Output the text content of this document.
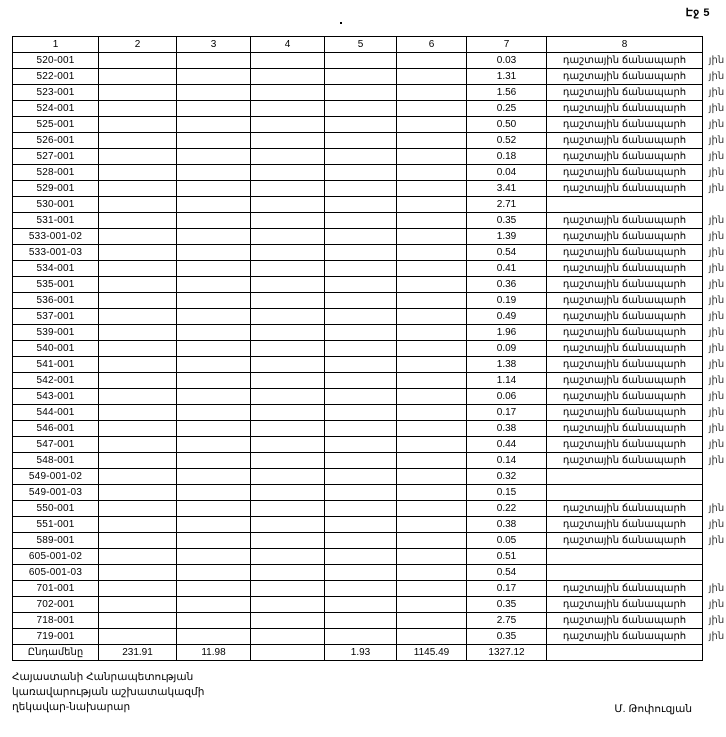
Էջ 5
1	2	3	4	5	6	7	8	
520-001						0.03	դաշտային ճանապարհ	յին
522-001						1.31	դաշտային ճանապարհ	յին
523-001						1.56	դաշտային ճանապարհ	յին
524-001						0.25	դաշտային ճանապարհ	յին
525-001						0.50	դաշտային ճանապարհ	յին
526-001						0.52	դաշտային ճանապարհ	յին
527-001						0.18	դաշտային ճանապարհ	յին
528-001						0.04	դաշտային ճանապարհ	յին
529-001						3.41	դաշտային ճանապարհ	յին
530-001						2.71		
531-001						0.35	դաշտային ճանապարհ	յին
533-001-02						1.39	դաշտային ճանապարհ	յին
533-001-03						0.54	դաշտային ճանապարհ	յին
534-001						0.41	դաշտային ճանապարհ	յին
535-001						0.36	դաշտային ճանապարհ	յին
536-001						0.19	դաշտային ճանապարհ	յին
537-001						0.49	դաշտային ճանապարհ	յին
539-001						1.96	դաշտային ճանապարհ	յին
540-001						0.09	դաշտային ճանապարհ	յին
541-001						1.38	դաշտային ճանապարհ	յին
542-001						1.14	դաշտային ճանապարհ	յին
543-001						0.06	դաշտային ճանապարհ	յին
544-001						0.17	դաշտային ճանապարհ	յին
546-001						0.38	դաշտային ճանապարհ	յին
547-001						0.44	դաշտային ճանապարհ	յին
548-001						0.14	դաշտային ճանապարհ	յին
549-001-02						0.32		
549-001-03						0.15		
550-001						0.22	դաշտային ճանապարհ	յին
551-001						0.38	դաշտային ճանապարհ	յին
589-001						0.05	դաշտային ճանապարհ	յին
605-001-02						0.51		
605-001-03						0.54		
701-001						0.17	դաշտային ճանապարհ	յին
702-001						0.35	դաշտային ճանապարհ	յին
718-001						2.75	դաշտային ճանապարհ	յին
719-001						0.35	դաշտային ճանապարհ	յին
Ընդամենը	231.91	11.98		1.93	1145.49	1327.12		
Հայաստանի Հանրապետության
կառավարության աշխատակազմի
ղեկավար-նախարար	Մ. Թոփուզյան
